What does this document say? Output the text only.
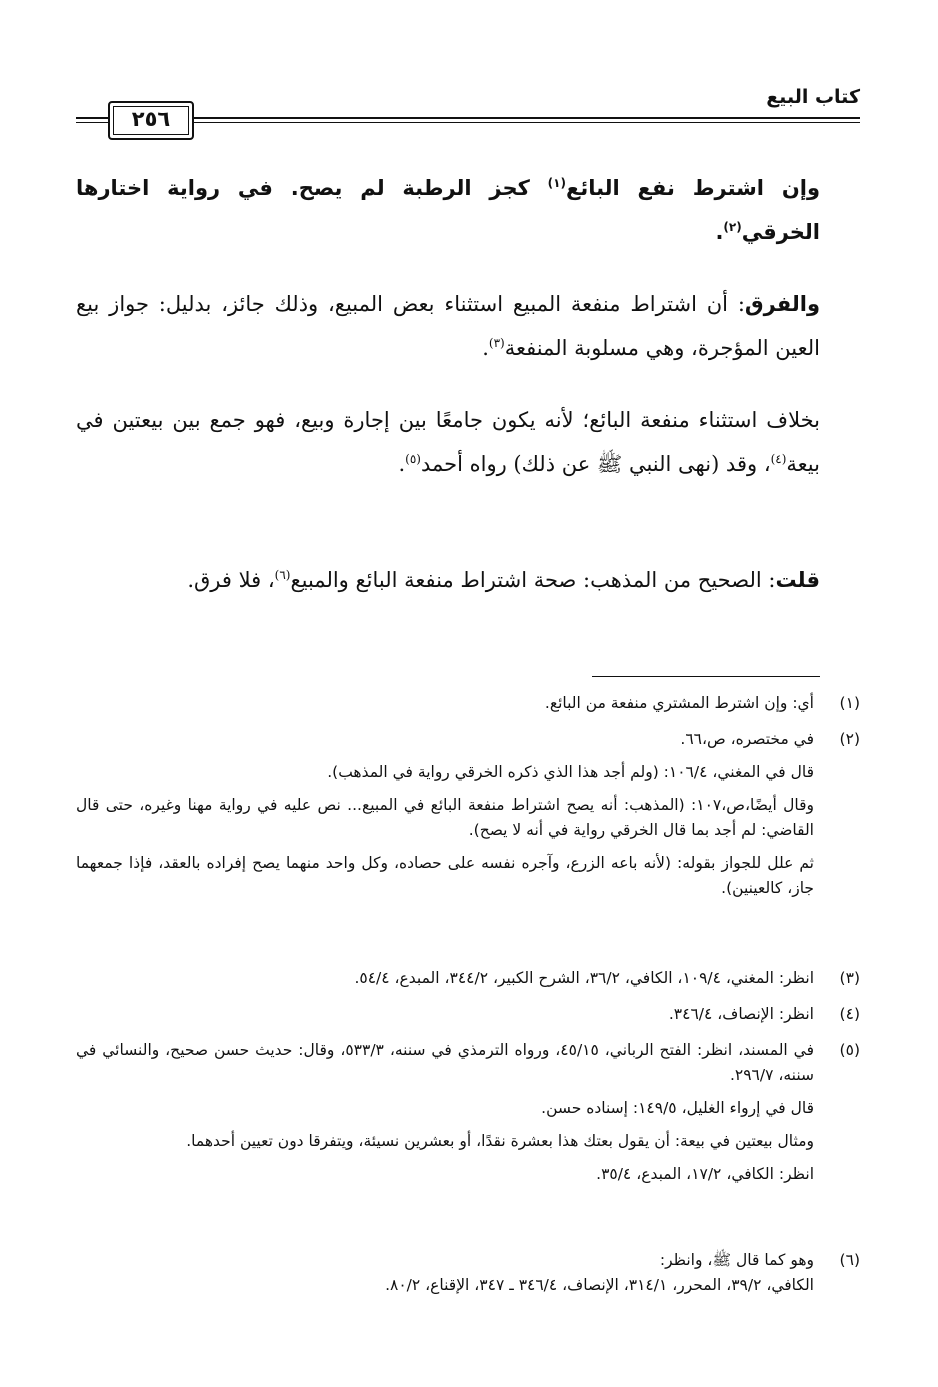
كتاب البيع
٢٥٦
وإن اشترط نفع البائع$^{(١)}$ كجز الرطبة لم يصح. في رواية اختارها الخرقي$^{(٢)}$.
والفرق: أن اشتراط منفعة المبيع استثناء بعض المبيع، وذلك جائز، بدليل: جواز بيع العين المؤجرة، وهي مسلوبة المنفعة$^{(٣)}$.
بخلاف استثناء منفعة البائع؛ لأنه يكون جامعًا بين إجارة وبيع، فهو جمع بين بيعتين في بيعة$^{(٤)}$، وقد (نهى النبي ﷺ عن ذلك) رواه أحمد$^{(٥)}$.
قلت: الصحيح من المذهب: صحة اشتراط منفعة البائع والمبيع$^{(٦)}$، فلا فرق.
(١)

أي: وإن اشترط المشتري منفعة من البائع.

(٢)

في مختصره، ص،٦٦.

قال في المغني، ١٠٦/٤: (ولم أجد هذا الذي ذكره الخرقي رواية في المذهب).

وقال أيضًا،ص،١٠٧: (المذهب: أنه يصح اشتراط منفعة البائع في المبيع... نص عليه في رواية مهنا وغيره، حتى قال القاضي: لم أجد بما قال الخرقي رواية في أنه لا يصح).

ثم علل للجواز بقوله: (لأنه باعه الزرع، وآجره نفسه على حصاده، وكل واحد منهما يصح إفراده بالعقد، فإذا جمعهما جاز، كالعينين).

(٣)

انظر: المغني، ١٠٩/٤، الكافي، ٣٦/٢، الشرح الكبير، ٣٤٤/٢، المبدع، ٥٤/٤.

(٤)

انظر: الإنصاف، ٣٤٦/٤.

(٥)

في المسند، انظر: الفتح الرباني، ٤٥/١٥، ورواه الترمذي في سننه، ٥٣٣/٣، وقال: حديث حسن صحيح، والنسائي في سننه، ٢٩٦/٧.

قال في إرواء الغليل، ١٤٩/٥: إسناده حسن.

ومثال بيعتين في بيعة: أن يقول بعتك هذا بعشرة نقدًا، أو بعشرين نسيئة، ويتفرقا دون تعيين أحدهما.

انظر: الكافي، ١٧/٢، المبدع، ٣٥/٤.

(٦)

وهو كما قال ﷺ، وانظر:

الكافي، ٣٩/٢، المحرر، ٣١٤/١، الإنصاف، ٣٤٦/٤ ـ ٣٤٧، الإقناع، ٨٠/٢.
